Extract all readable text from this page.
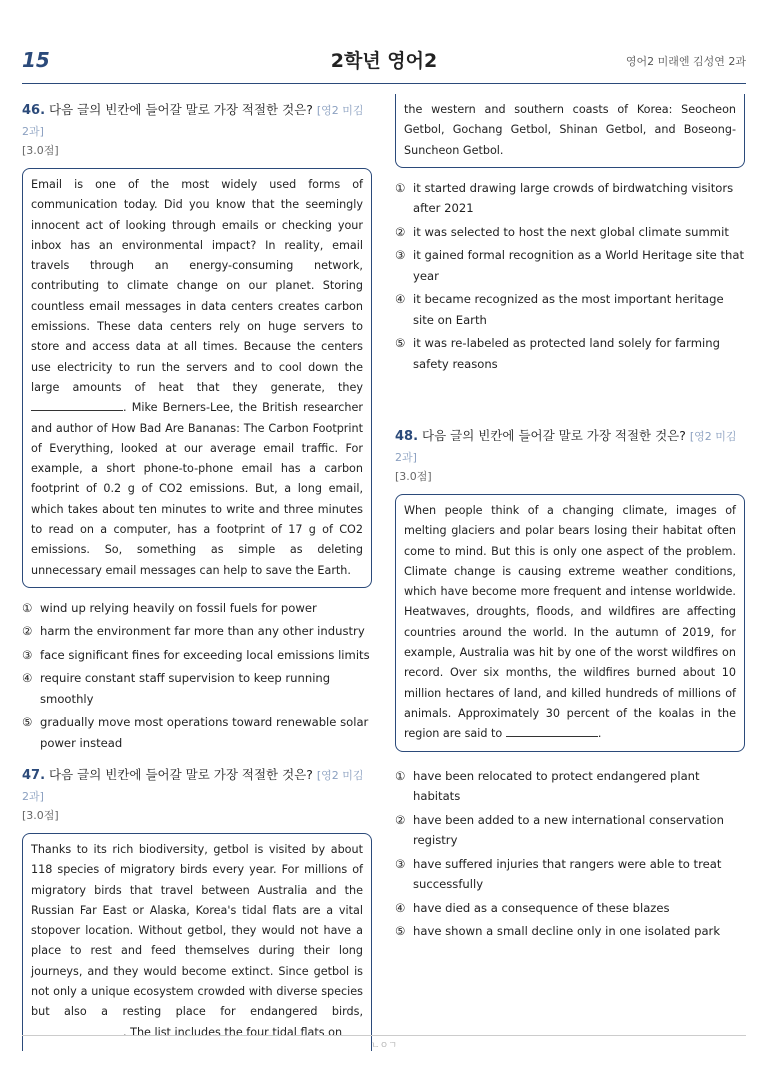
15	2학년 영어2	영어2 미래엔 김성연 2과
46. 다음 글의 빈칸에 들어갈 말로 가장 적절한 것은? [영2 미김 2과]
[3.0점]
Email is one of the most widely used forms of communication today. Did you know that the seemingly innocent act of looking through emails or checking your inbox has an environmental impact? In reality, email travels through an energy-consuming network, contributing to climate change on our planet. Storing countless email messages in data centers creates carbon emissions. These data centers rely on huge servers to store and access data at all times. Because the centers use electricity to run the servers and to cool down the large amounts of heat that they generate, they . Mike Berners-Lee, the British researcher and author of How Bad Are Bananas: The Carbon Footprint of Everything, looked at our average email traffic. For example, a short phone-to-phone email has a carbon footprint of 0.2 g of CO2 emissions. But, a long email, which takes about ten minutes to write and three minutes to read on a computer, has a footprint of 17 g of CO2 emissions. So, something as simple as deleting unnecessary email messages can help to save the Earth.
① wind up relying heavily on fossil fuels for power
② harm the environment far more than any other industry
③ face significant fines for exceeding local emissions limits
④ require constant staff supervision to keep running smoothly
⑤ gradually move most operations toward renewable solar power instead
47. 다음 글의 빈칸에 들어갈 말로 가장 적절한 것은? [영2 미김 2과]
[3.0점]
Thanks to its rich biodiversity, getbol is visited by about 118 species of migratory birds every year. For millions of migratory birds that travel between Australia and the Russian Far East or Alaska, Korea's tidal flats are a vital stopover location. Without getbol, they would not have a place to rest and feed themselves during their long journeys, and they would become extinct. Since getbol is not only a unique ecosystem crowded with diverse species but also a resting place for endangered birds, . The list includes the four tidal flats on
the western and southern coasts of Korea: Seocheon Getbol, Gochang Getbol, Shinan Getbol, and Boseong-Suncheon Getbol.
① it started drawing large crowds of birdwatching visitors after 2021
② it was selected to host the next global climate summit
③ it gained formal recognition as a World Heritage site that year
④ it became recognized as the most important heritage site on Earth
⑤ it was re-labeled as protected land solely for farming safety reasons
48. 다음 글의 빈칸에 들어갈 말로 가장 적절한 것은? [영2 미김 2과]
[3.0점]
When people think of a changing climate, images of melting glaciers and polar bears losing their habitat often come to mind. But this is only one aspect of the problem. Climate change is causing extreme weather conditions, which have become more frequent and intense worldwide. Heatwaves, droughts, floods, and wildfires are affecting countries around the world. In the autumn of 2019, for example, Australia was hit by one of the worst wildfires on record. Over six months, the wildfires burned about 10 million hectares of land, and killed hundreds of millions of animals. Approximately 30 percent of the koalas in the region are said to	.
① have been relocated to protect endangered plant habitats
② have been added to a new international conservation registry
③ have suffered injuries that rangers were able to treat successfully
④ have died as a consequence of these blazes
⑤ have shown a small decline only in one isolated park
ㄴㅇㄱ
